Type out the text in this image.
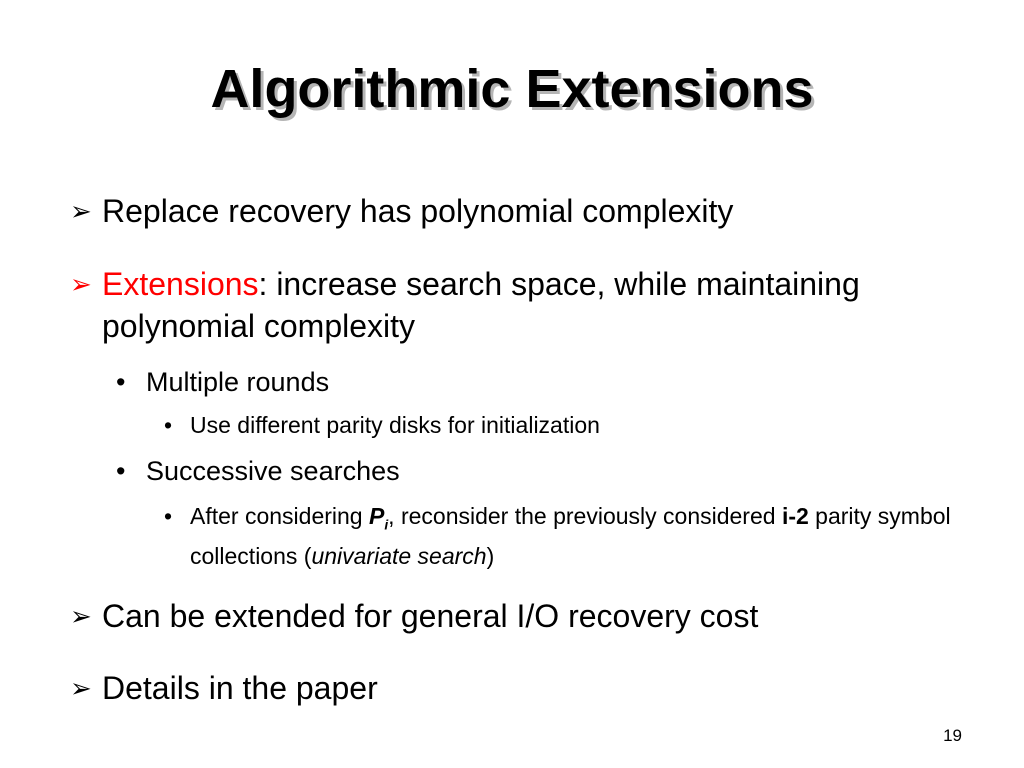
Algorithmic Extensions
➢ Replace recovery has polynomial complexity
➢ Extensions: increase search space, while maintaining polynomial complexity
• Multiple rounds
• Use different parity disks for initialization
• Successive searches
• After considering $P_i$, reconsider the previously considered i-2 parity symbol collections (univariate search)
➢ Can be extended for general I/O recovery cost
➢ Details in the paper
19
